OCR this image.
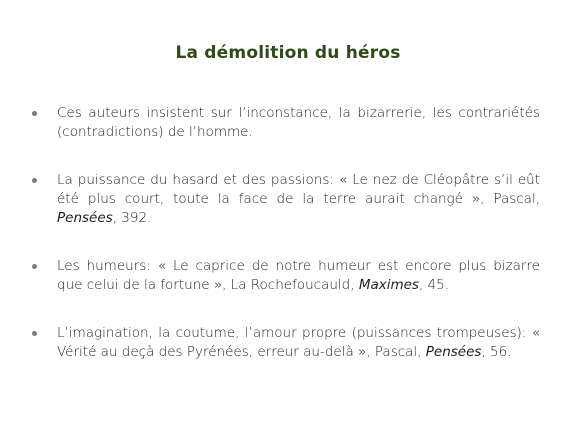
La démolition du héros
Ces auteurs insistent sur l’inconstance, la bizarrerie, les contrariétés (contradictions) de l’homme.
La puissance du hasard et des passions: « Le nez de Cléopâtre s’il eût été plus court, toute la face de la terre aurait changé », Pascal, Pensées, 392.
Les humeurs: « Le caprice de notre humeur est encore plus bizarre que celui de la fortune », La Rochefoucauld, Maximes, 45.
L’imagination, la coutume, l’amour propre (puissances trompeuses): « Vérité au deçà des Pyrénées, erreur au-delà », Pascal, Pensées, 56.
